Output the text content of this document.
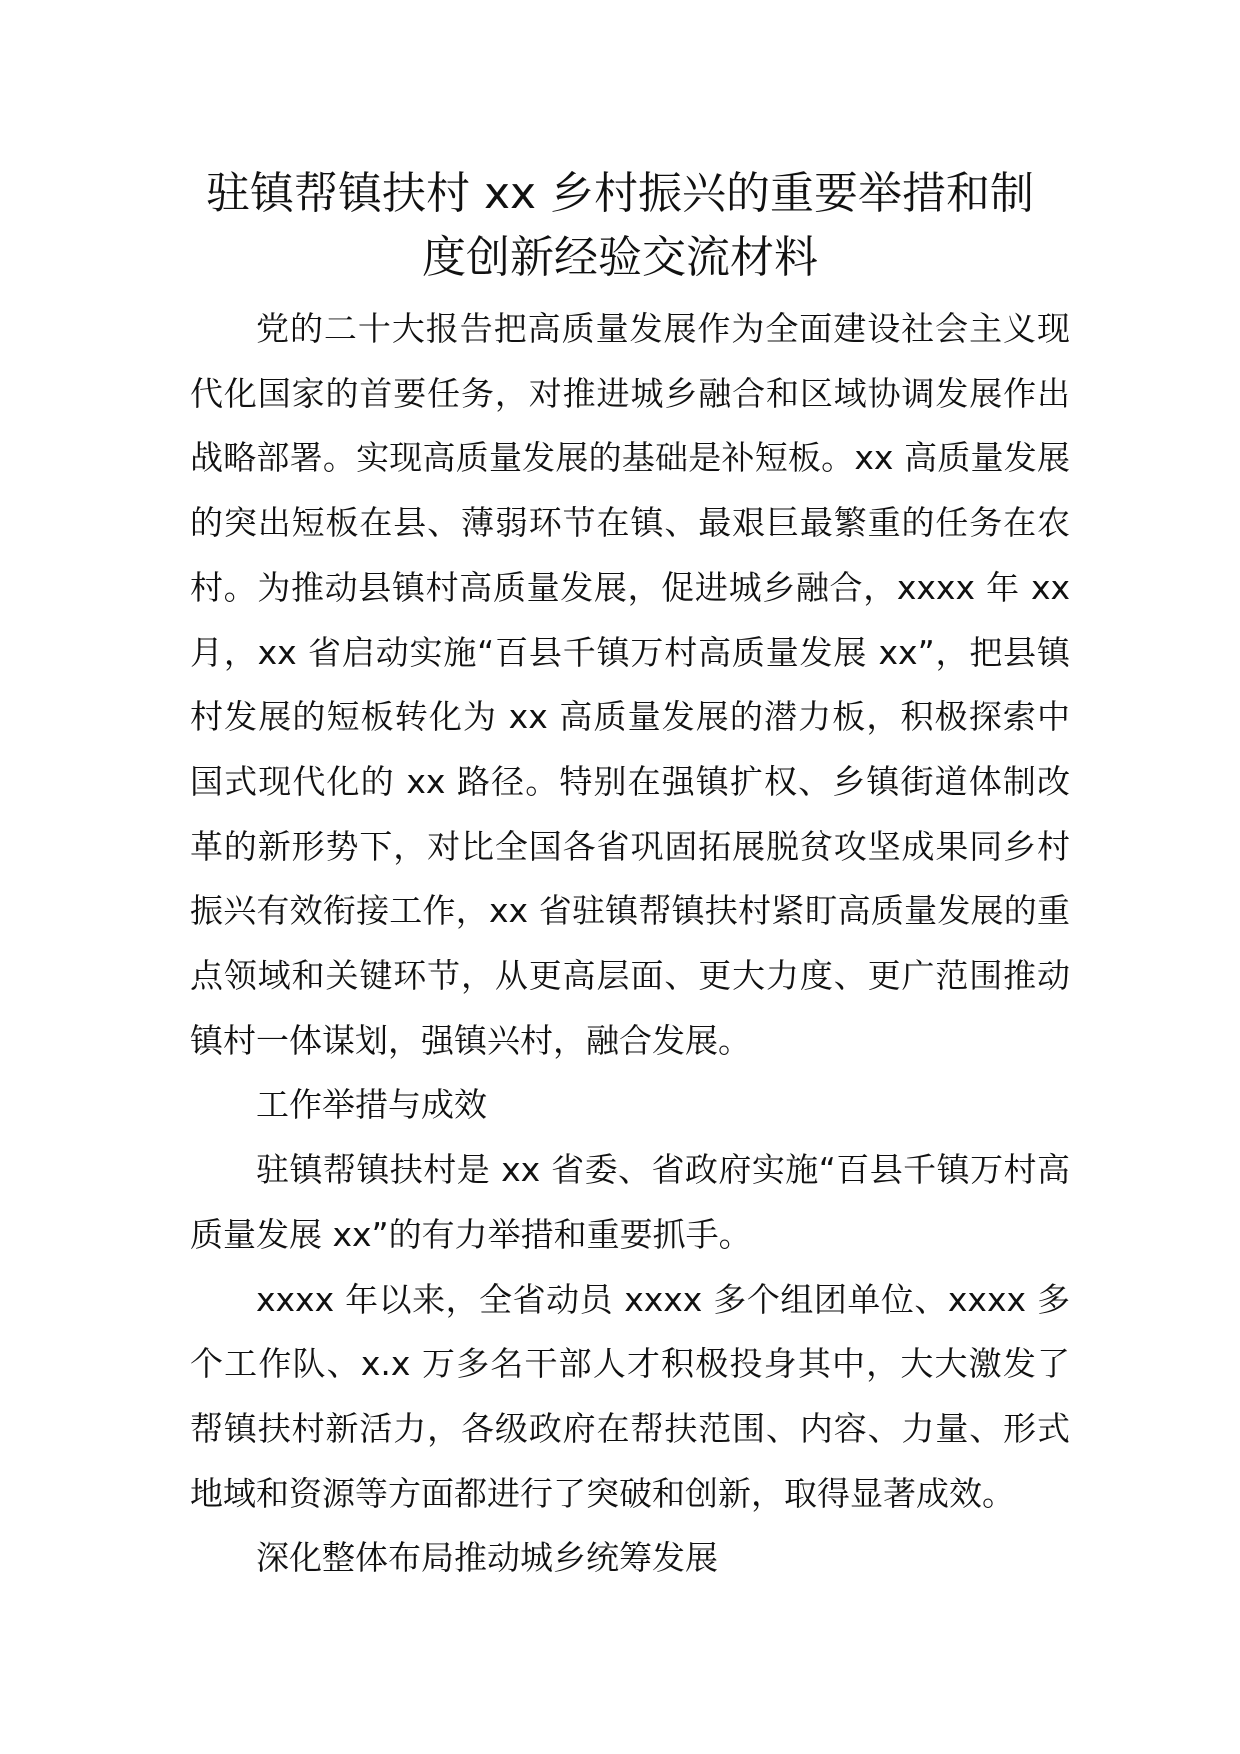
驻镇帮镇扶村 xx 乡村振兴的重要举措和制
度创新经验交流材料

党的二十大报告把高质量发展作为全面建设社会主义现代化国家的首要任务，对推进城乡融合和区域协调发展作出战略部署。实现高质量发展的基础是补短板。xx 高质量发展的突出短板在县、薄弱环节在镇、最艰巨最繁重的任务在农村。为推动县镇村高质量发展，促进城乡融合，xxxx 年 xx 月，xx 省启动实施“百县千镇万村高质量发展 xx”，把县镇村发展的短板转化为 xx 高质量发展的潜力板，积极探索中国式现代化的 xx 路径。特别在强镇扩权、乡镇街道体制改革的新形势下，对比全国各省巩固拓展脱贫攻坚成果同乡村振兴有效衔接工作，xx 省驻镇帮镇扶村紧盯高质量发展的重点领域和关键环节，从更高层面、更大力度、更广范围推动镇村一体谋划，强镇兴村，融合发展。

工作举措与成效

驻镇帮镇扶村是 xx 省委、省政府实施“百县千镇万村高质量发展 xx”的有力举措和重要抓手。

xxxx 年以来，全省动员 xxxx 多个组团单位、xxxx 多个工作队、x.x 万多名干部人才积极投身其中，大大激发了帮镇扶村新活力，各级政府在帮扶范围、内容、力量、形式地域和资源等方面都进行了突破和创新，取得显著成效。

深化整体布局推动城乡统筹发展
